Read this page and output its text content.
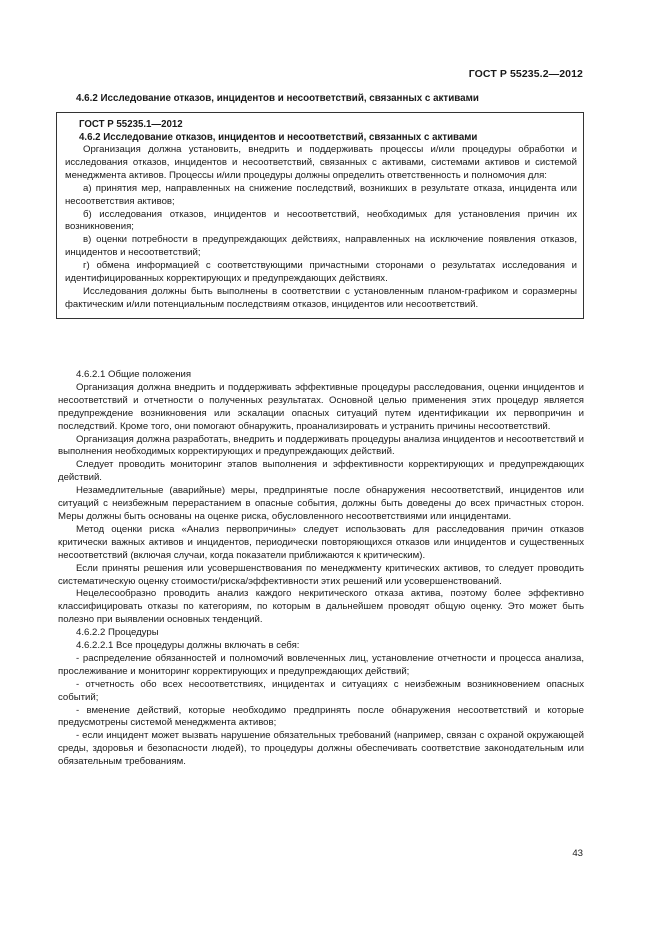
ГОСТ Р 55235.2—2012
4.6.2 Исследование отказов, инцидентов и несоответствий, связанных с активами
ГОСТ Р 55235.1—2012
4.6.2 Исследование отказов, инцидентов и несоответствий, связанных с активами
Организация должна установить, внедрить и поддерживать процессы и/или процедуры обработки и исследования отказов, инцидентов и несоответствий, связанных с активами, системами активов и системой менеджмента активов. Процессы и/или процедуры должны определить ответственность и полномочия для:
а) принятия мер, направленных на снижение последствий, возникших в результате отказа, инцидента или несоответствия активов;
б) исследования отказов, инцидентов и несоответствий, необходимых для установления причин их возникновения;
в) оценки потребности в предупреждающих действиях, направленных на исключение появления отказов, инцидентов и несоответствий;
г) обмена информацией с соответствующими причастными сторонами о результатах исследования и идентифицированных корректирующих и предупреждающих действиях.
Исследования должны быть выполнены в соответствии с установленным планом-графиком и соразмерны фактическим и/или потенциальным последствиям отказов, инцидентов или несоответствий.

4.6.2.1 Общие положения

Организация должна внедрить и поддерживать эффективные процедуры расследования, оценки инцидентов и несоответствий и отчетности о полученных результатах. Основной целью применения этих процедур является предупреждение возникновения или эскалации опасных ситуаций путем идентификации их первопричин и последствий. Кроме того, они помогают обнаружить, проанализировать и устранить причины несоответствий.

Организация должна разработать, внедрить и поддерживать процедуры анализа инцидентов и несоответствий и выполнения необходимых корректирующих и предупреждающих действий.

Следует проводить мониторинг этапов выполнения и эффективности корректирующих и предупреждающих действий.

Незамедлительные (аварийные) меры, предпринятые после обнаружения несоответствий, инцидентов или ситуаций с неизбежным перерастанием в опасные события, должны быть доведены до всех причастных сторон. Меры должны быть основаны на оценке риска, обусловленного несоответствиями или инцидентами.

Метод оценки риска «Анализ первопричины» следует использовать для расследования причин отказов критически важных активов и инцидентов, периодически повторяющихся отказов или инцидентов и существенных несоответствий (включая случаи, когда показатели приближаются к критическим).

Если приняты решения или усовершенствования по менеджменту критических активов, то следует проводить систематическую оценку стоимости/риска/эффективности этих решений или усовершенствований.

Нецелесообразно проводить анализ каждого некритического отказа актива, поэтому более эффективно классифицировать отказы по категориям, по которым в дальнейшем проводят общую оценку. Это может быть полезно при выявлении основных тенденций.

4.6.2.2 Процедуры

4.6.2.2.1 Все процедуры должны включать в себя:

- распределение обязанностей и полномочий вовлеченных лиц, установление отчетности и процесса анализа, прослеживание и мониторинг корректирующих и предупреждающих действий;

- отчетность обо всех несоответствиях, инцидентах и ситуациях с неизбежным возникновением опасных событий;

- вменение действий, которые необходимо предпринять после обнаружения несоответствий и которые предусмотрены системой менеджмента активов;

- если инцидент может вызвать нарушение обязательных требований (например, связан с охраной окружающей среды, здоровья и безопасности людей), то процедуры должны обеспечивать соответствие законодательным или обязательным требованиям.

43
